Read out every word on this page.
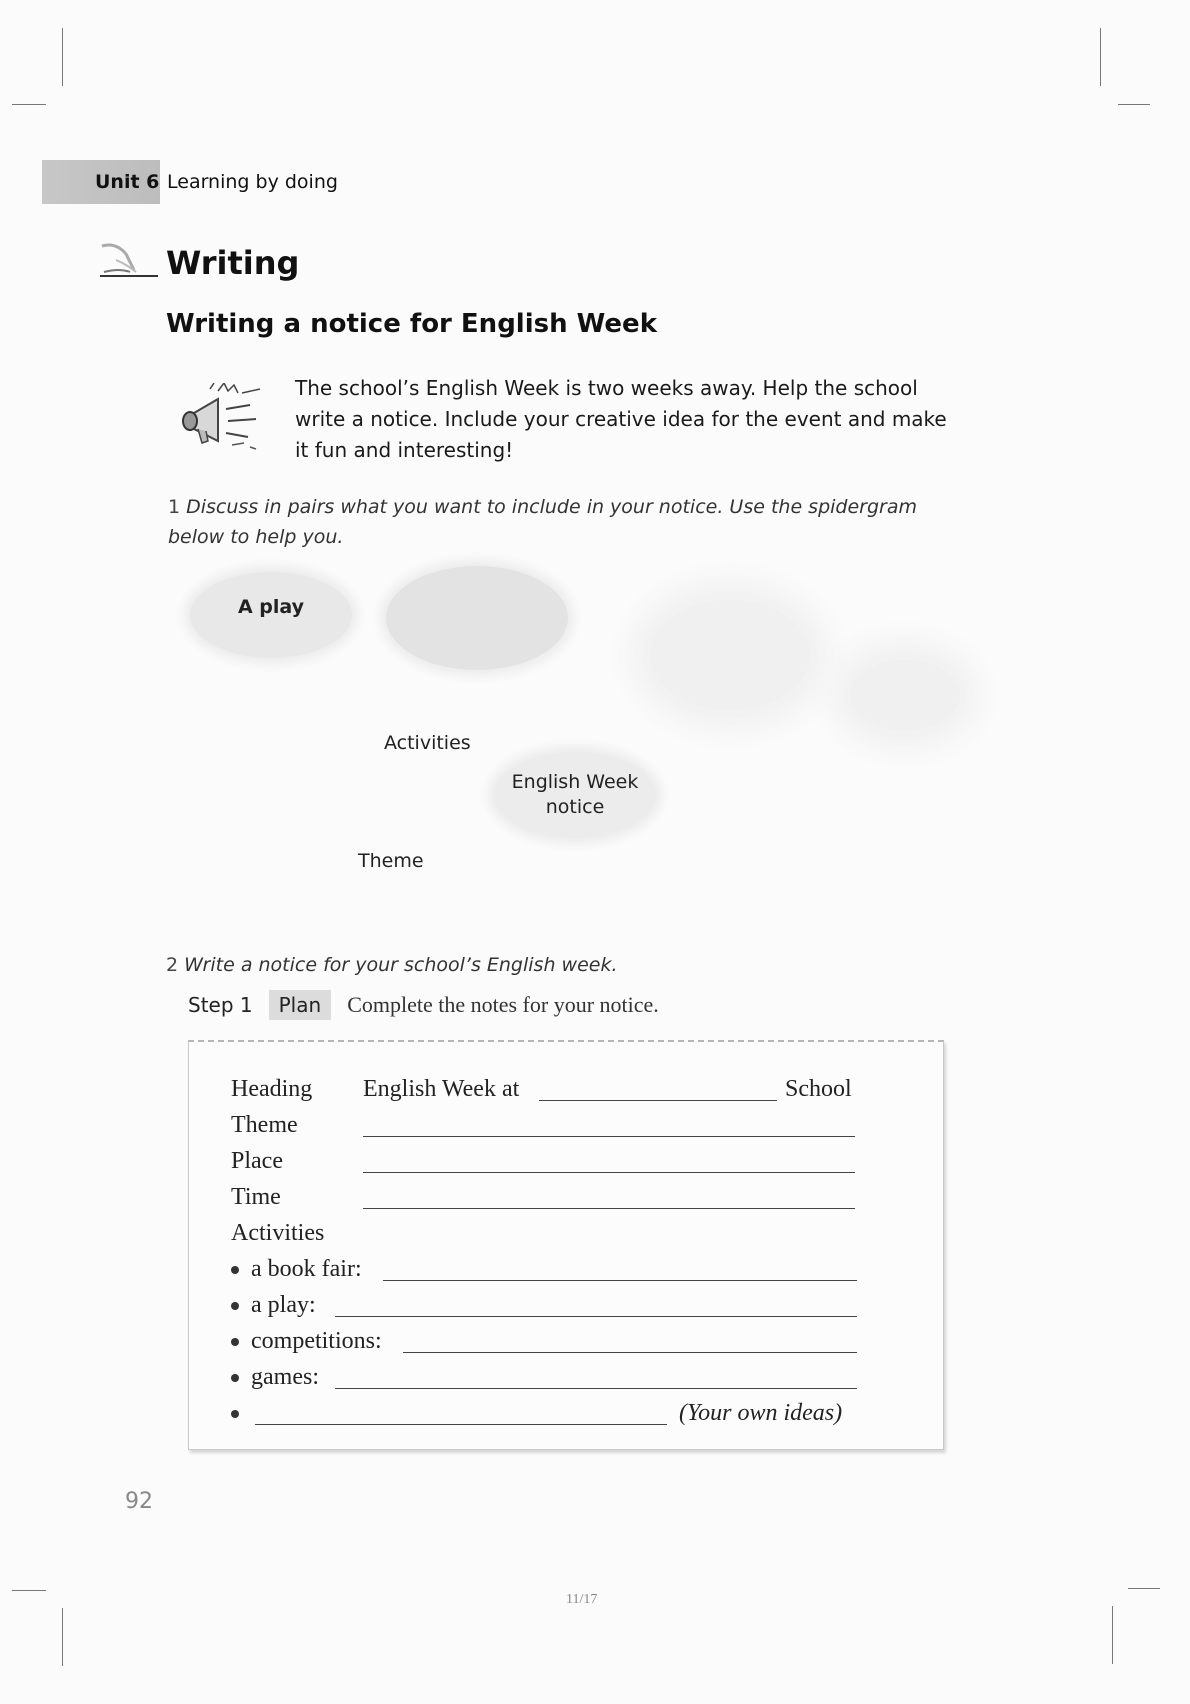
Unit 6 Learning by doing
Writing
Writing a notice for English Week

The school’s English Week is two weeks away. Help the school write a notice. Include your creative idea for the event and make it fun and interesting!

1 Discuss in pairs what you want to include in your notice. Use the spidergram below to help you.
A play
Activities
English Week
notice
Theme
2 Write a notice for your school’s English week.
Step 1	Plan	Complete the notes for your notice.
Heading English Week at	School
Theme
Place
Time
Activities
a book fair:
a play:
competitions:
games:
(Your own ideas)
92
11/17
